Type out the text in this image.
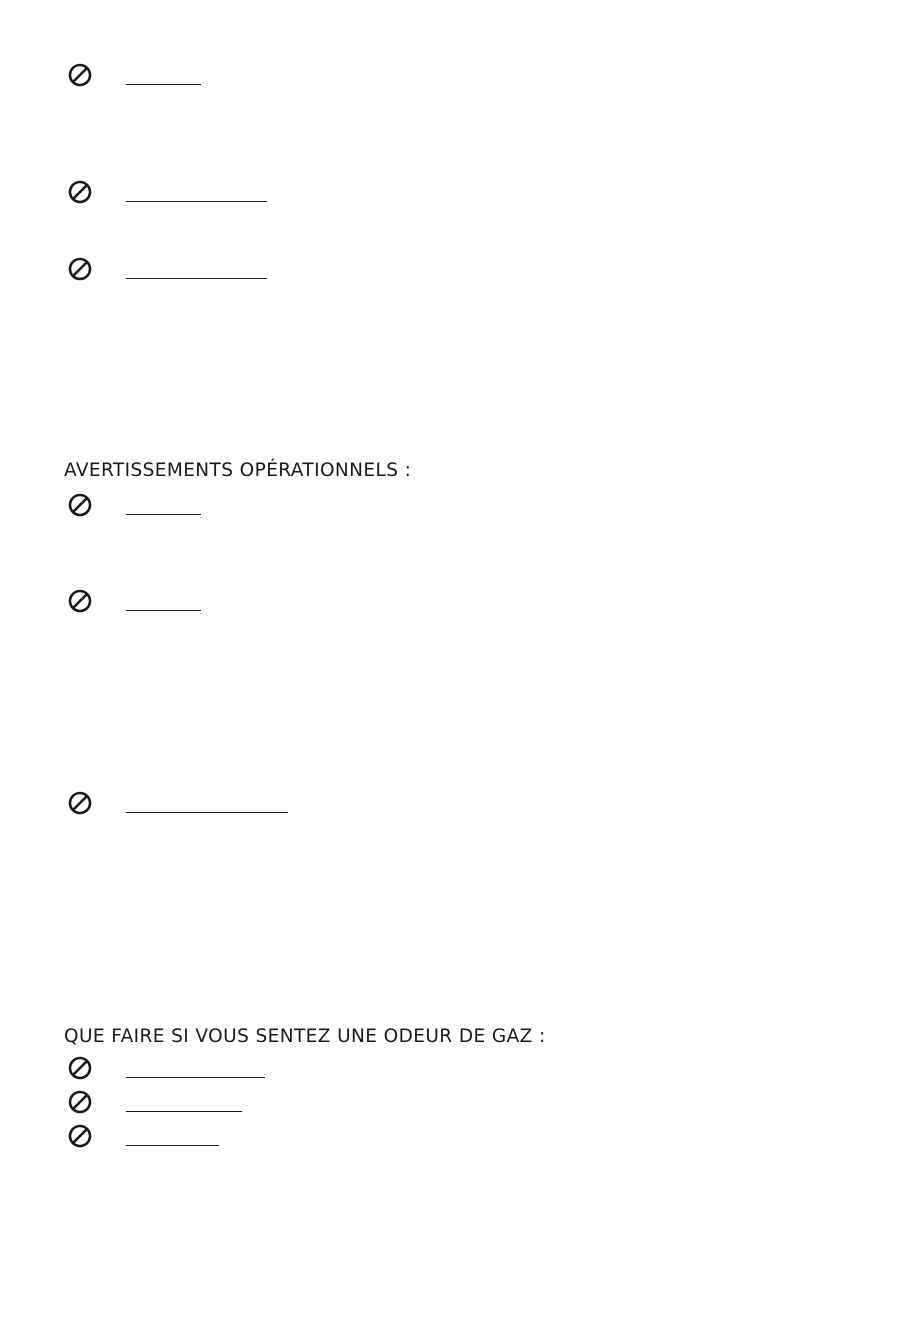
AVERTISSEMENTS OPÉRATIONNELS :
QUE FAIRE SI VOUS SENTEZ UNE ODEUR DE GAZ :
